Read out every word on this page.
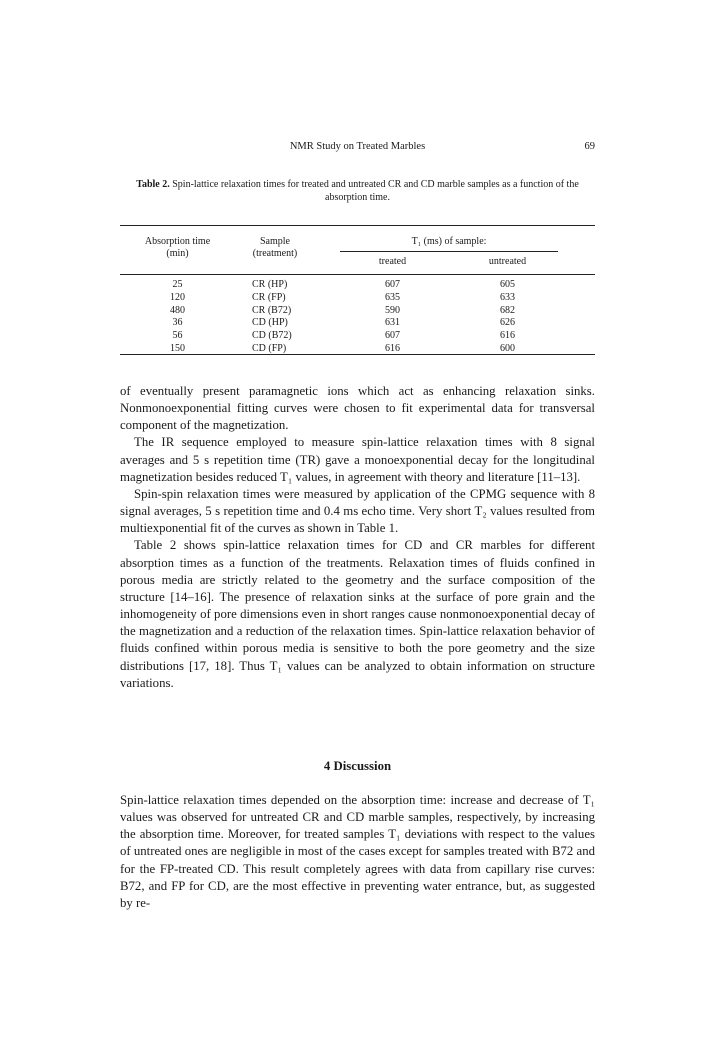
NMR Study on Treated Marbles	69
Table 2. Spin-lattice relaxation times for treated and untreated CR and CD marble samples as a function of the absorption time.
Absorption time
(min)
Sample
(treatment)
T₁ (ms) of sample:
treated	untreated
25	CR (HP)	607	605
120	CR (FP)	635	633
480	CR (B72)	590	682
36	CD (HP)	631	626
56	CD (B72)	607	616
150	CD (FP)	616	600

of eventually present paramagnetic ions which act as enhancing relaxation sinks. Nonmonoexponential fitting curves were chosen to fit experimental data for transversal component of the magnetization.

The IR sequence employed to measure spin-lattice relaxation times with 8 signal averages and 5 s repetition time (TR) gave a monoexponential decay for the longitudinal magnetization besides reduced T₁ values, in agreement with theory and literature [11–13].

Spin-spin relaxation times were measured by application of the CPMG sequence with 8 signal averages, 5 s repetition time and 0.4 ms echo time. Very short T₂ values resulted from multiexponential fit of the curves as shown in Table 1.

Table 2 shows spin-lattice relaxation times for CD and CR marbles for different absorption times as a function of the treatments. Relaxation times of fluids confined in porous media are strictly related to the geometry and the surface composition of the structure [14–16]. The presence of relaxation sinks at the surface of pore grain and the inhomogeneity of pore dimensions even in short ranges cause nonmonoexponential decay of the magnetization and a reduction of the relaxation times. Spin-lattice relaxation behavior of fluids confined within porous media is sensitive to both the pore geometry and the size distributions [17, 18]. Thus T₁ values can be analyzed to obtain information on structure variations.

4 Discussion

Spin-lattice relaxation times depended on the absorption time: increase and decrease of T₁ values was observed for untreated CR and CD marble samples, respectively, by increasing the absorption time. Moreover, for treated samples T₁ deviations with respect to the values of untreated ones are negligible in most of the cases except for samples treated with B72 and for the FP-treated CD. This result completely agrees with data from capillary rise curves: B72, and FP for CD, are the most effective in preventing water entrance, but, as suggested by re-
